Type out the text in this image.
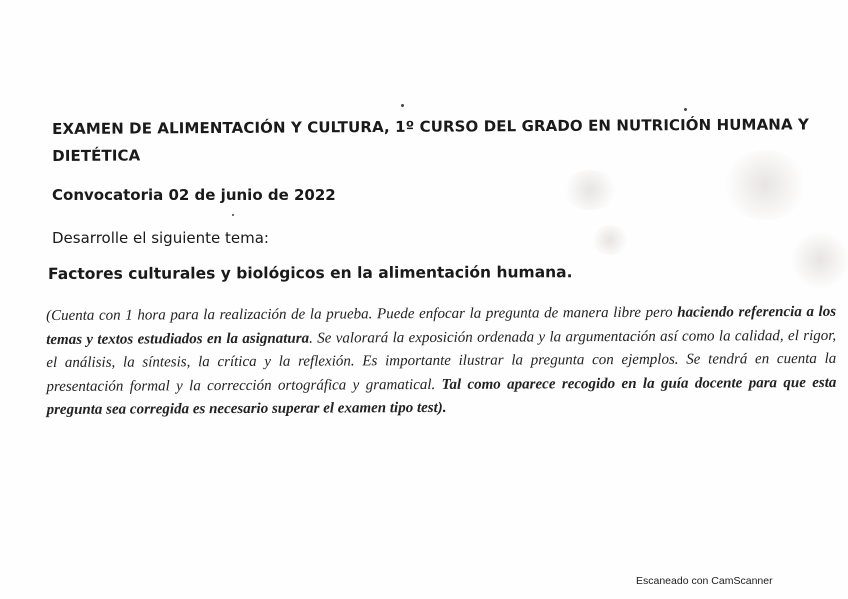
EXAMEN DE ALIMENTACIÓN Y CULTURA, 1º CURSO DEL GRADO EN NUTRICIÓN HUMANA Y DIETÉTICA
Convocatoria 02 de junio de 2022
Desarrolle el siguiente tema:
Factores culturales y biológicos en la alimentación humana.
(Cuenta con 1 hora para la realización de la prueba. Puede enfocar la pregunta de manera libre pero haciendo referencia a los temas y textos estudiados en la asignatura. Se valorará la exposición ordenada y la argumentación así como la calidad, el rigor, el análisis, la síntesis, la crítica y la reflexión. Es importante ilustrar la pregunta con ejemplos. Se tendrá en cuenta la presentación formal y la corrección ortográfica y gramatical. Tal como aparece recogido en la guía docente para que esta pregunta sea corregida es necesario superar el examen tipo test).
Escaneado con CamScanner
